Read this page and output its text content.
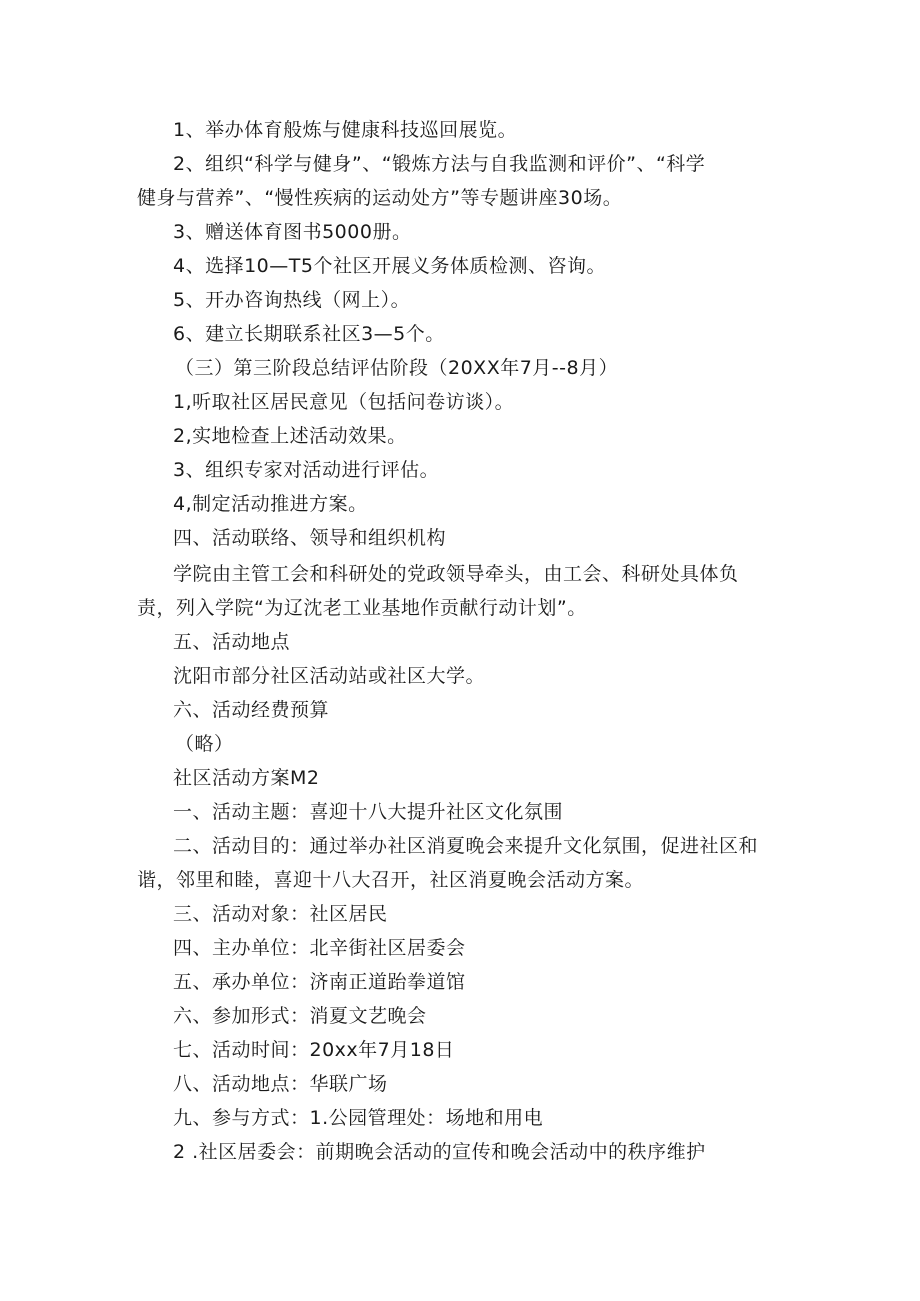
1、举办体育般炼与健康科技巡回展览。
2、组织“科学与健身”、“锻炼方法与自我监测和评价”、“科学
健身与营养”、“慢性疾病的运动处方”等专题讲座30场。
3、赠送体育图书5000册。
4、选择10—T5个社区开展义务体质检测、咨询。
5、开办咨询热线（网上）。
6、建立长期联系社区3—5个。
（三）第三阶段总结评估阶段（20XX年7月--8月）
1,听取社区居民意见（包括问卷访谈）。
2,实地检查上述活动效果。
3、组织专家对活动进行评估。
4,制定活动推进方案。
四、活动联络、领导和组织机构
学院由主管工会和科研处的党政领导牵头，由工会、科研处具体负
责，列入学院“为辽沈老工业基地作贡献行动计划”。
五、活动地点
沈阳市部分社区活动站或社区大学。
六、活动经费预算
（略）
社区活动方案M2
一、活动主题：喜迎十八大提升社区文化氛围
二、活动目的：通过举办社区消夏晚会来提升文化氛围，促进社区和
谐，邻里和睦，喜迎十八大召开，社区消夏晚会活动方案。
三、活动对象：社区居民
四、主办单位：北辛街社区居委会
五、承办单位：济南正道跆拳道馆
六、参加形式：消夏文艺晚会
七、活动时间：20xx年7月18日
八、活动地点：华联广场
九、参与方式：1.公园管理处：场地和用电
2 .社区居委会：前期晚会活动的宣传和晚会活动中的秩序维护
